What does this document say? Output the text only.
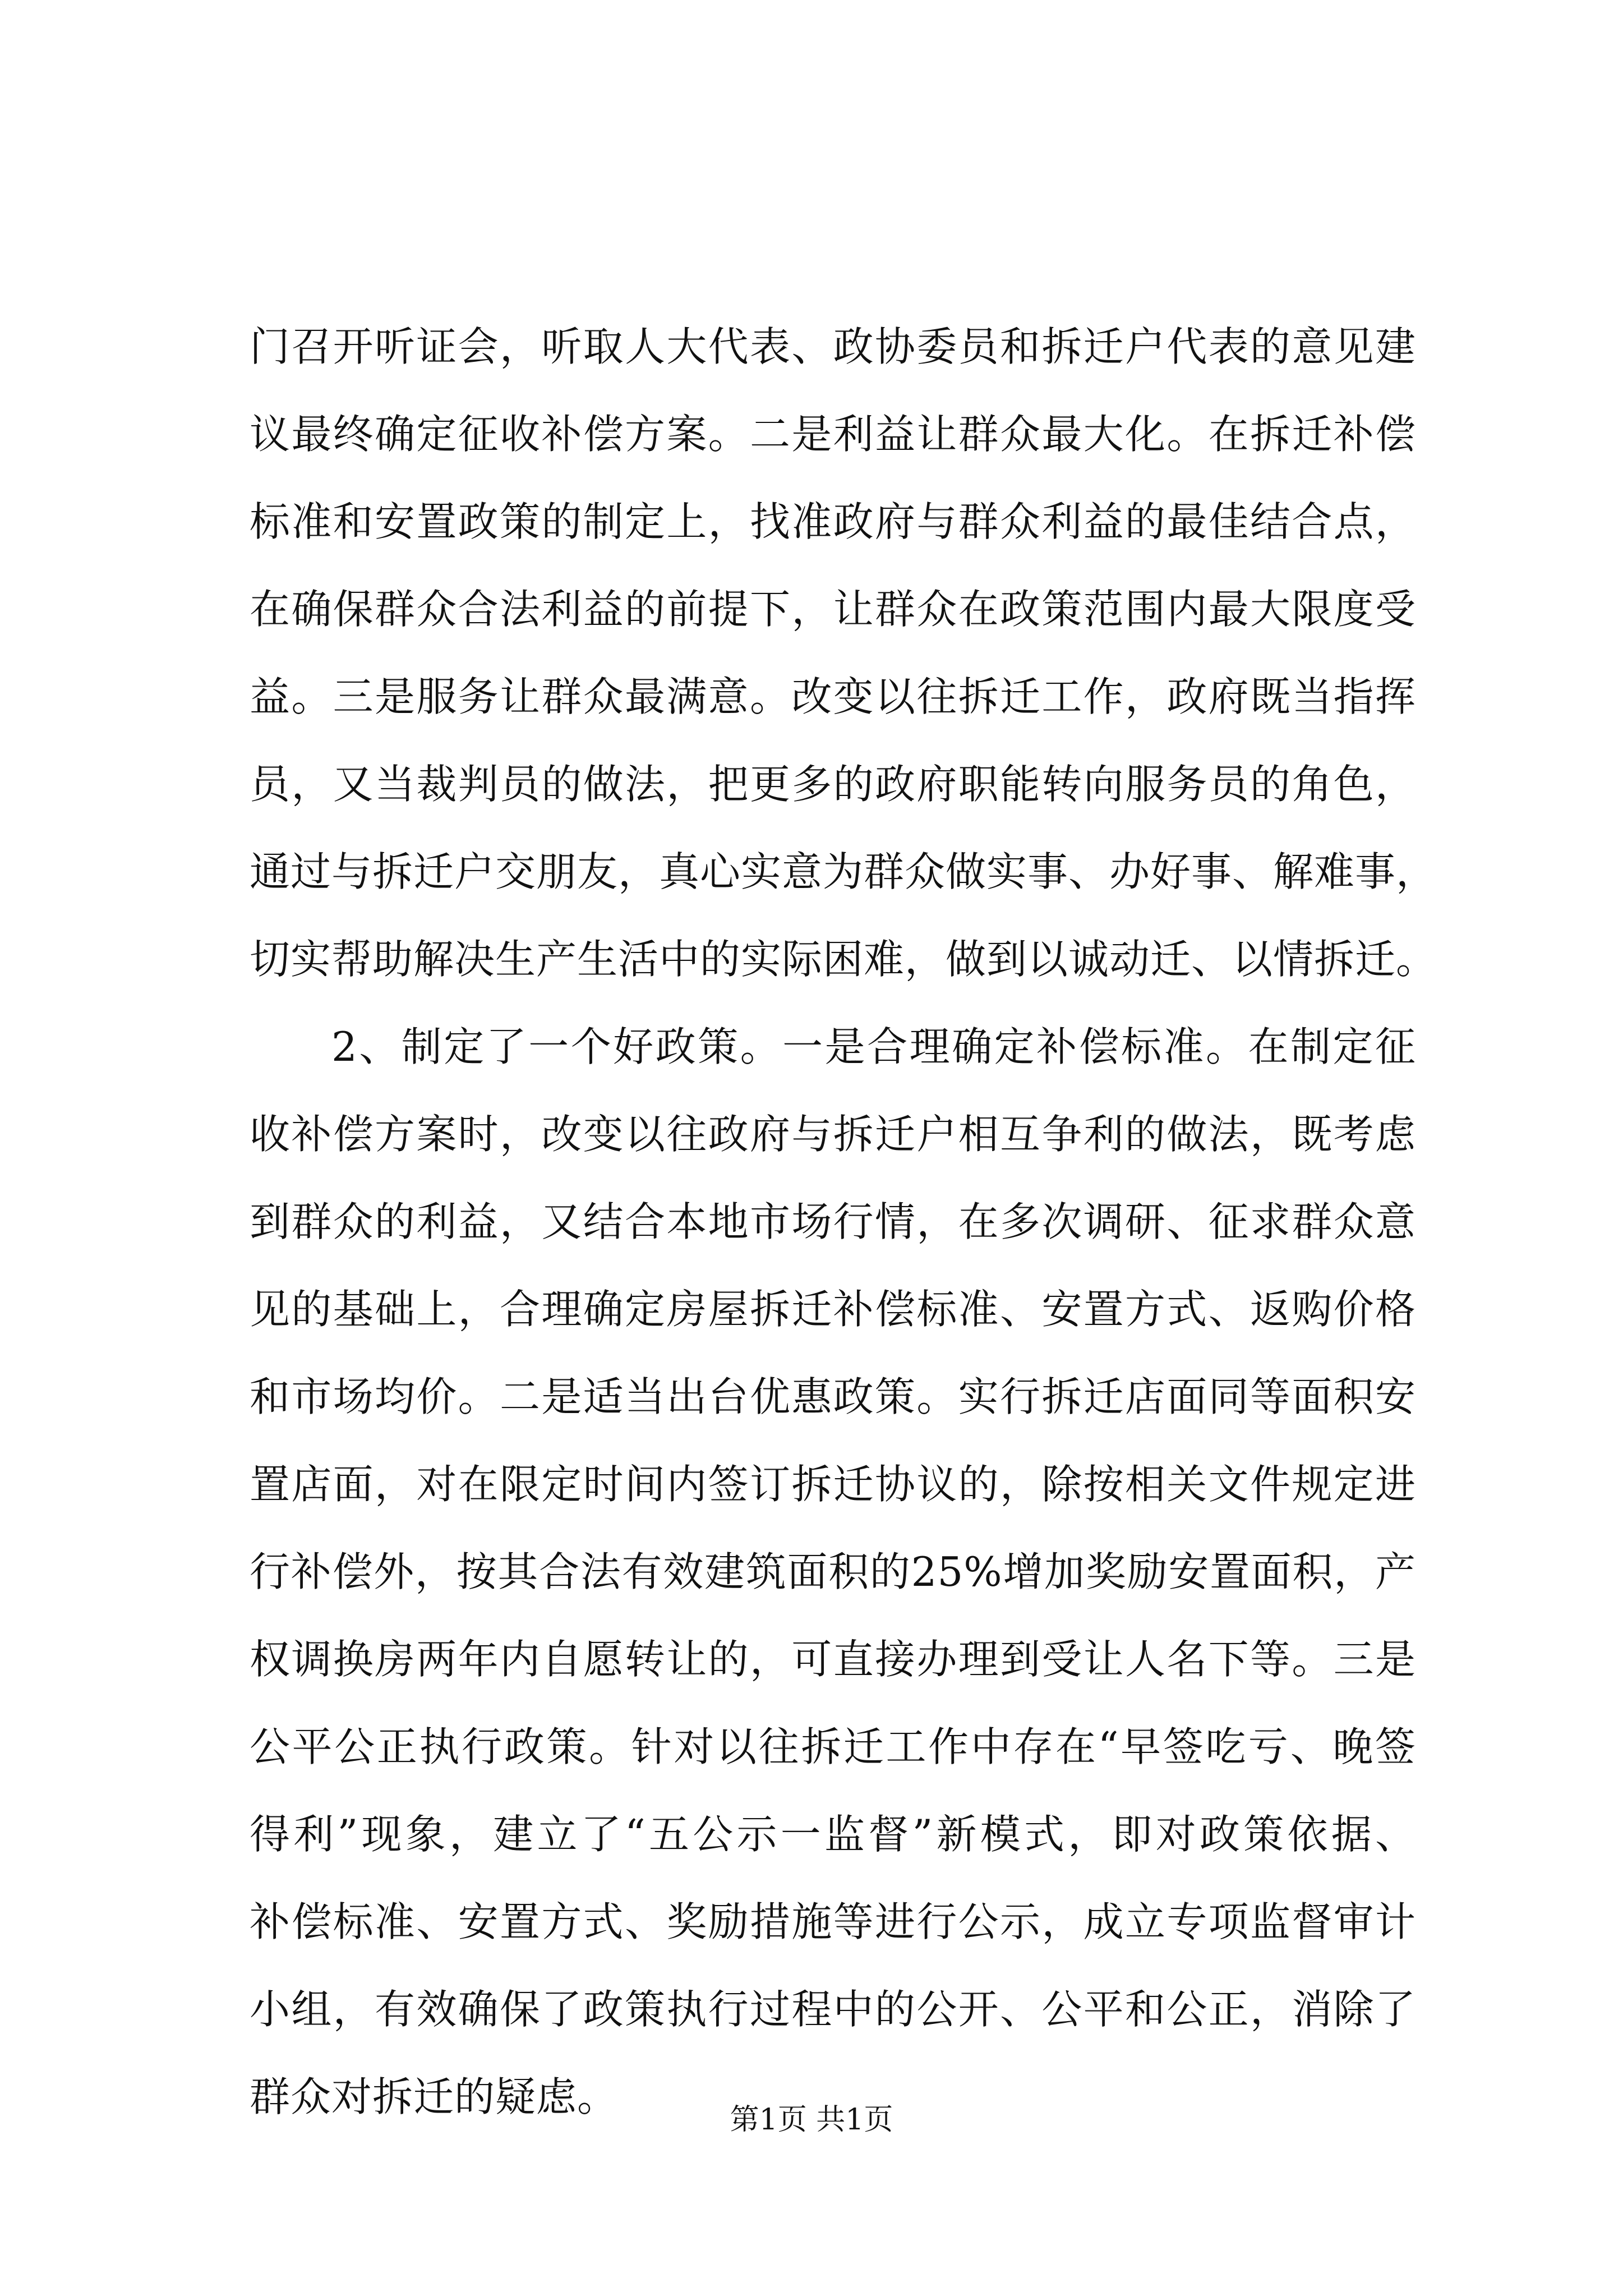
门召开听证会，听取人大代表、政协委员和拆迁户代表的意见建
议最终确定征收补偿方案。二是利益让群众最大化。在拆迁补偿
标准和安置政策的制定上，找准政府与群众利益的最佳结合点，
在确保群众合法利益的前提下，让群众在政策范围内最大限度受
益。三是服务让群众最满意。改变以往拆迁工作，政府既当指挥
员，又当裁判员的做法，把更多的政府职能转向服务员的角色，
通过与拆迁户交朋友，真心实意为群众做实事、办好事、解难事，
切实帮助解决生产生活中的实际困难，做到以诚动迁、以情拆迁。
2、制定了一个好政策。一是合理确定补偿标准。在制定征
收补偿方案时，改变以往政府与拆迁户相互争利的做法，既考虑
到群众的利益，又结合本地市场行情，在多次调研、征求群众意
见的基础上，合理确定房屋拆迁补偿标准、安置方式、返购价格
和市场均价。二是适当出台优惠政策。实行拆迁店面同等面积安
置店面，对在限定时间内签订拆迁协议的，除按相关文件规定进
行补偿外，按其合法有效建筑面积的25%增加奖励安置面积，产
权调换房两年内自愿转让的，可直接办理到受让人名下等。三是
公平公正执行政策。针对以往拆迁工作中存在“早签吃亏、晚签
得利”现象，建立了“五公示一监督”新模式，即对政策依据、
补偿标准、安置方式、奖励措施等进行公示，成立专项监督审计
小组，有效确保了政策执行过程中的公开、公平和公正，消除了
群众对拆迁的疑虑。	第1页 共1页
